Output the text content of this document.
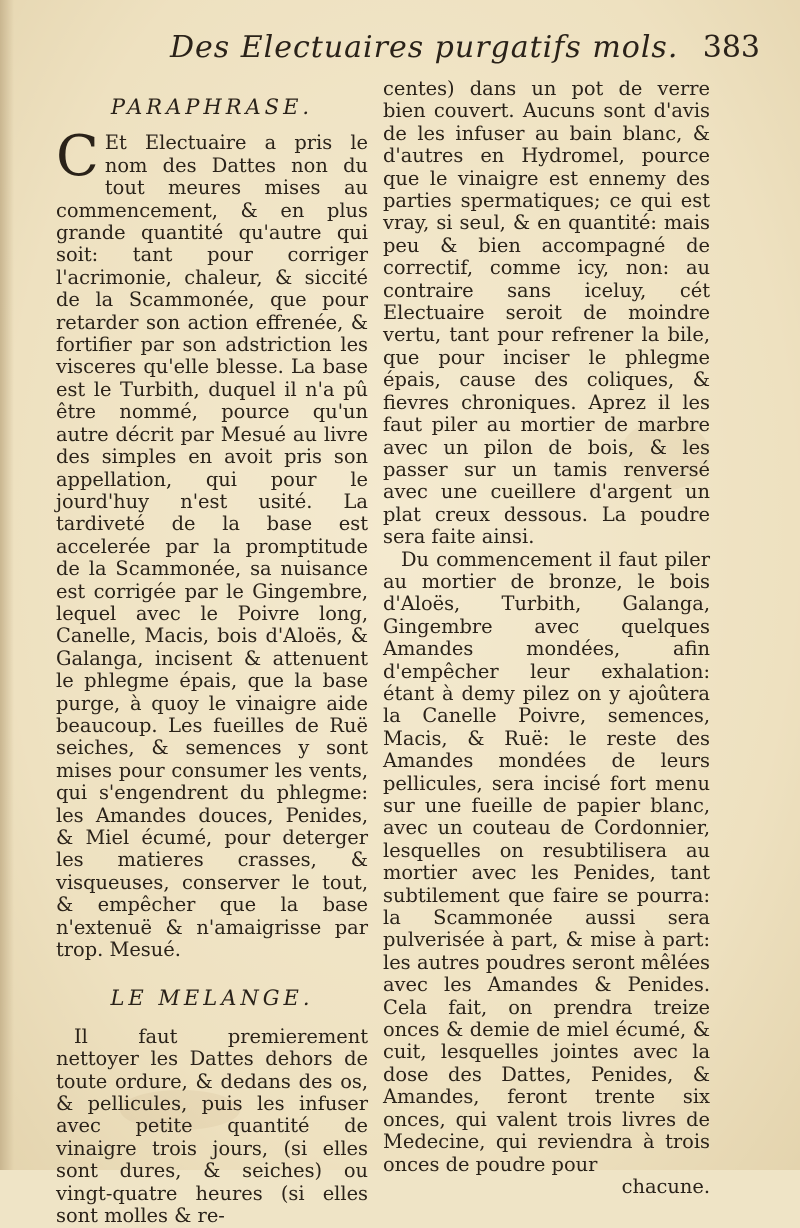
Des Electuaires purgatifs mols. 383
PARAPHRASE.

C Et Electuaire a pris le nom des Dattes non du tout meures mises au commencement, & en plus grande quantité qu'autre qui soit: tant pour corriger l'acrimonie, chaleur, & siccité de la Scammonée, que pour retarder son action effrenée, & fortifier par son adstriction les visceres qu'elle blesse. La base est le Turbith, duquel il n'a pû être nommé, pource qu'un autre décrit par Mesué au livre des simples en avoit pris son appellation, qui pour le jourd'huy n'est usité. La tardiveté de la base est accelerée par la promptitude de la Scammonée, sa nuisance est corrigée par le Gingembre, lequel avec le Poivre long, Canelle, Macis, bois d'Aloës, & Galanga, incisent & attenuent le phlegme épais, que la base purge, à quoy le vinaigre aide beaucoup. Les fueilles de Ruë seiches, & semences y sont mises pour consumer les vents, qui s'engendrent du phlegme: les Amandes douces, Penides, & Miel écumé, pour deterger les matieres crasses, & visqueuses, conserver le tout, & empêcher que la base n'extenuë & n'amaigrisse par trop. Mesué.

LE MELANGE.

Il faut premierement nettoyer les Dattes dehors de toute ordure, & dedans des os, & pellicules, puis les infuser avec petite quantité de vinaigre trois jours, (si elles sont dures, & seiches) ou vingt-quatre heures (si elles sont molles & re-

centes) dans un pot de verre bien couvert. Aucuns sont d'avis de les infuser au bain blanc, & d'autres en Hydromel, pource que le vinaigre est ennemy des parties spermatiques; ce qui est vray, si seul, & en quantité: mais peu & bien accompagné de correctif, comme icy, non: au contraire sans iceluy, cét Electuaire seroit de moindre vertu, tant pour refrener la bile, que pour inciser le phlegme épais, cause des coliques, & fievres chroniques. Aprez il les faut piler au mortier de marbre avec un pilon de bois, & les passer sur un tamis renversé avec une cueillere d'argent un plat creux dessous. La poudre sera faite ainsi.

Du commencement il faut piler au mortier de bronze, le bois d'Aloës, Turbith, Galanga, Gingembre avec quelques Amandes mondées, afin d'empêcher leur exhalation: étant à demy pilez on y ajoûtera la Canelle Poivre, semences, Macis, & Ruë: le reste des Amandes mondées de leurs pellicules, sera incisé fort menu sur une fueille de papier blanc, avec un couteau de Cordonnier, lesquelles on resubtilisera au mortier avec les Penides, tant subtilement que faire se pourra: la Scammonée aussi sera pulverisée à part, & mise à part: les autres poudres seront mêlées avec les Amandes & Penides. Cela fait, on prendra treize onces & demie de miel écumé, & cuit, lesquelles jointes avec la dose des Dattes, Penides, & Amandes, feront trente six onces, qui valent trois livres de Medecine, qui reviendra à trois onces de poudre pour

chacune.
